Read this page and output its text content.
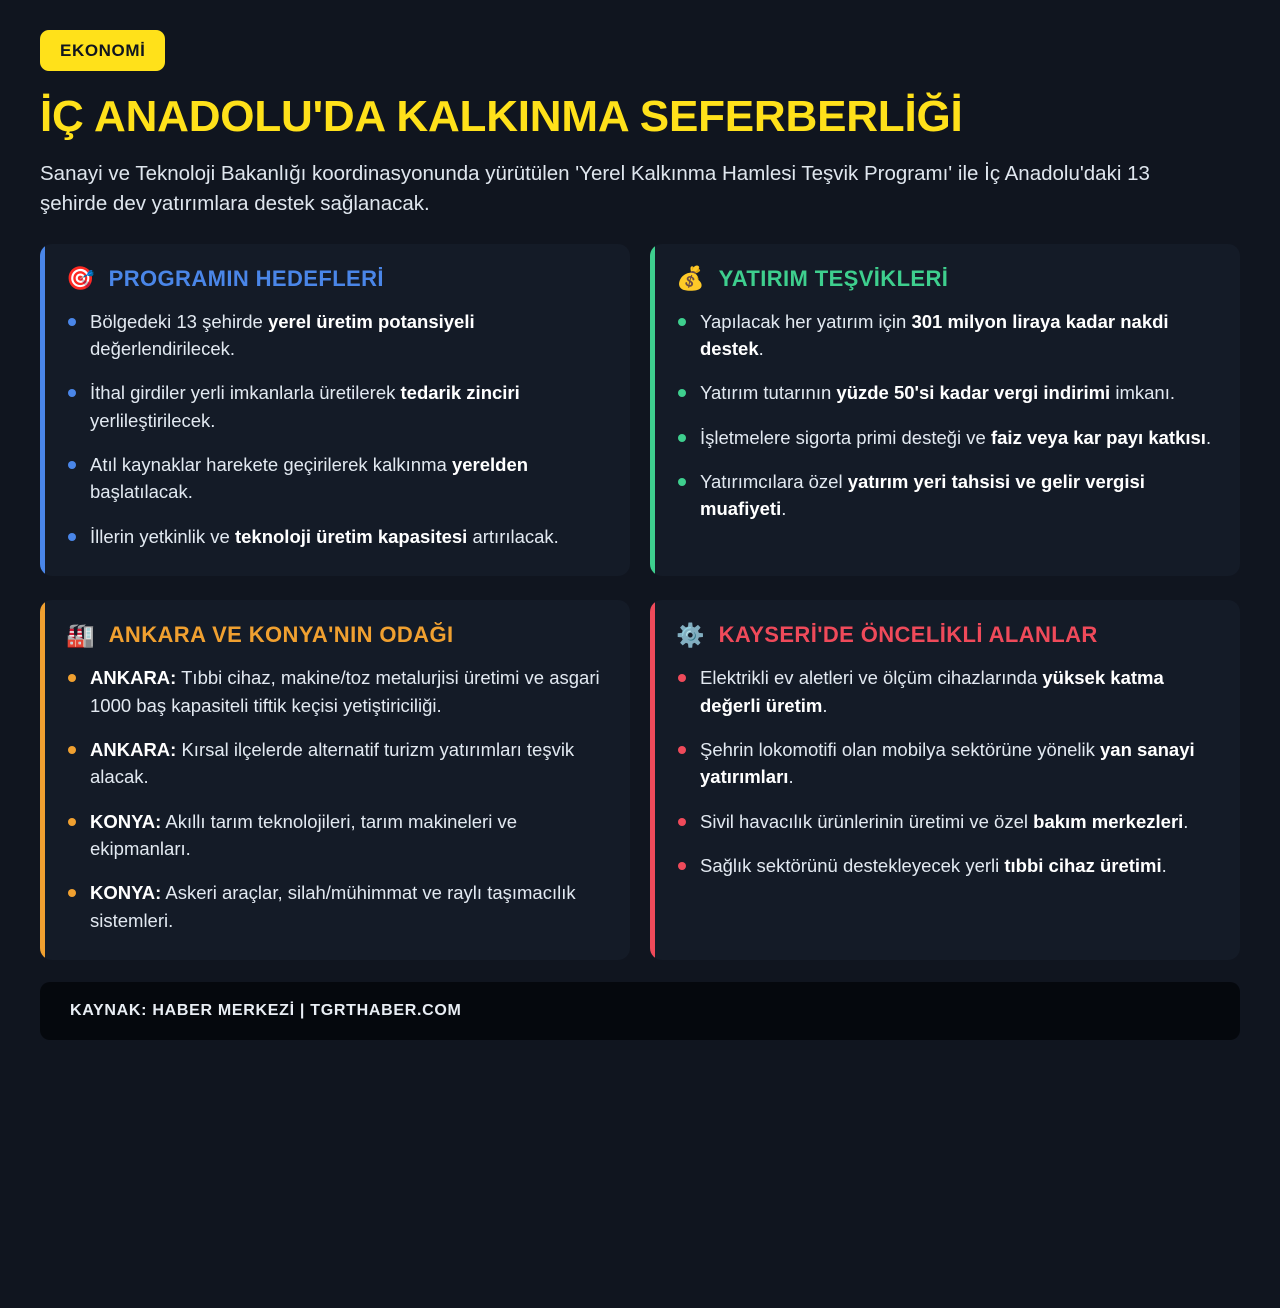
EKONOMİ
İÇ ANADOLU'DA KALKINMA SEFERBERLİĞİ

Sanayi ve Teknoloji Bakanlığı koordinasyonunda yürütülen 'Yerel Kalkınma Hamlesi Teşvik Programı' ile İç Anadolu'daki 13 şehirde dev yatırımlara destek sağlanacak.

🎯 PROGRAMIN HEDEFLERİ
Bölgedeki 13 şehirde yerel üretim potansiyeli değerlendirilecek.
İthal girdiler yerli imkanlarla üretilerek tedarik zinciri yerlileştirilecek.
Atıl kaynaklar harekete geçirilerek kalkınma yerelden başlatılacak.
İllerin yetkinlik ve teknoloji üretim kapasitesi artırılacak.
💰 YATIRIM TEŞVİKLERİ
Yapılacak her yatırım için 301 milyon liraya kadar nakdi destek.
Yatırım tutarının yüzde 50'si kadar vergi indirimi imkanı.
İşletmelere sigorta primi desteği ve faiz veya kar payı katkısı.
Yatırımcılara özel yatırım yeri tahsisi ve gelir vergisi muafiyeti.
🏭 ANKARA VE KONYA'NIN ODAĞI
ANKARA: Tıbbi cihaz, makine/toz metalurjisi üretimi ve asgari 1000 baş kapasiteli tiftik keçisi yetiştiriciliği.
ANKARA: Kırsal ilçelerde alternatif turizm yatırımları teşvik alacak.
KONYA: Akıllı tarım teknolojileri, tarım makineleri ve ekipmanları.
KONYA: Askeri araçlar, silah/mühimmat ve raylı taşımacılık sistemleri.
⚙️ KAYSERİ'DE ÖNCELİKLİ ALANLAR
Elektrikli ev aletleri ve ölçüm cihazlarında yüksek katma değerli üretim.
Şehrin lokomotifi olan mobilya sektörüne yönelik yan sanayi yatırımları.
Sivil havacılık ürünlerinin üretimi ve özel bakım merkezleri.
Sağlık sektörünü destekleyecek yerli tıbbi cihaz üretimi.
KAYNAK: HABER MERKEZİ | TGRTHABER.COM
